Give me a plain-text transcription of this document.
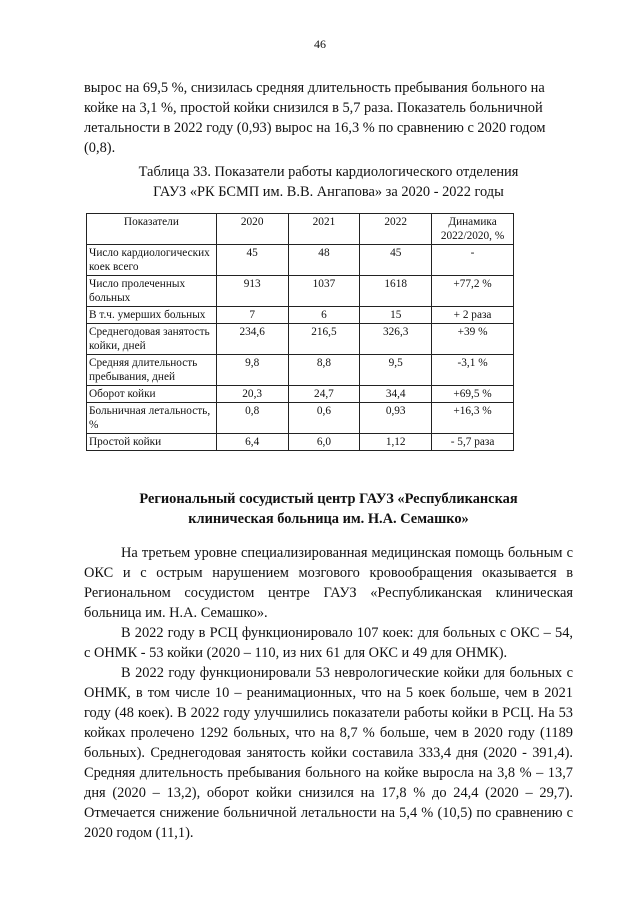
46

вырос на 69,5 %, снизилась средняя длительность пребывания больного на койке на 3,1 %, простой койки снизился в 5,7 раза. Показатель больничной летальности в 2022 году (0,93) вырос на 16,3 % по сравнению с 2020 годом (0,8).

Таблица 33. Показатели работы кардиологического отделения
ГАУЗ «РК БСМП им. В.В. Ангапова» за 2020 - 2022 годы
Показатели	2020	2021	2022	Динамика 2022/2020, %
Число кардиологических коек всего	45	48	45	-
Число пролеченных больных	913	1037	1618	+77,2 %
В т.ч. умерших больных	7	6	15	+ 2 раза
Среднегодовая занятость койки, дней	234,6	216,5	326,3	+39 %
Средняя длительность пребывания, дней	9,8	8,8	9,5	-3,1 %
Оборот койки	20,3	24,7	34,4	+69,5 %
Больничная летальность, %	0,8	0,6	0,93	+16,3 %
Простой койки	6,4	6,0	1,12	- 5,7 раза
Региональный сосудистый центр ГАУЗ «Республиканская
клиническая больница им. Н.А. Семашко»

На третьем уровне специализированная медицинская помощь больным с ОКС и с острым нарушением мозгового кровообращения оказывается в Региональном сосудистом центре ГАУЗ «Республиканская клиническая больница им. Н.А. Семашко».

В 2022 году в РСЦ функционировало 107 коек: для больных с ОКС – 54, с ОНМК - 53 койки (2020 – 110, из них 61 для ОКС и 49 для ОНМК).

В 2022 году функционировали 53 неврологические койки для больных с ОНМК, в том числе 10 – реанимационных, что на 5 коек больше, чем в 2021 году (48 коек). В 2022 году улучшились показатели работы койки в РСЦ. На 53 койках пролечено 1292 больных, что на 8,7 % больше, чем в 2020 году (1189 больных). Среднегодовая занятость койки составила 333,4 дня (2020 - 391,4). Средняя длительность пребывания больного на койке выросла на 3,8 % – 13,7 дня (2020 – 13,2), оборот койки снизился на 17,8 % до 24,4 (2020 – 29,7). Отмечается снижение больничной летальности на 5,4 % (10,5) по сравнению с 2020 годом (11,1).
